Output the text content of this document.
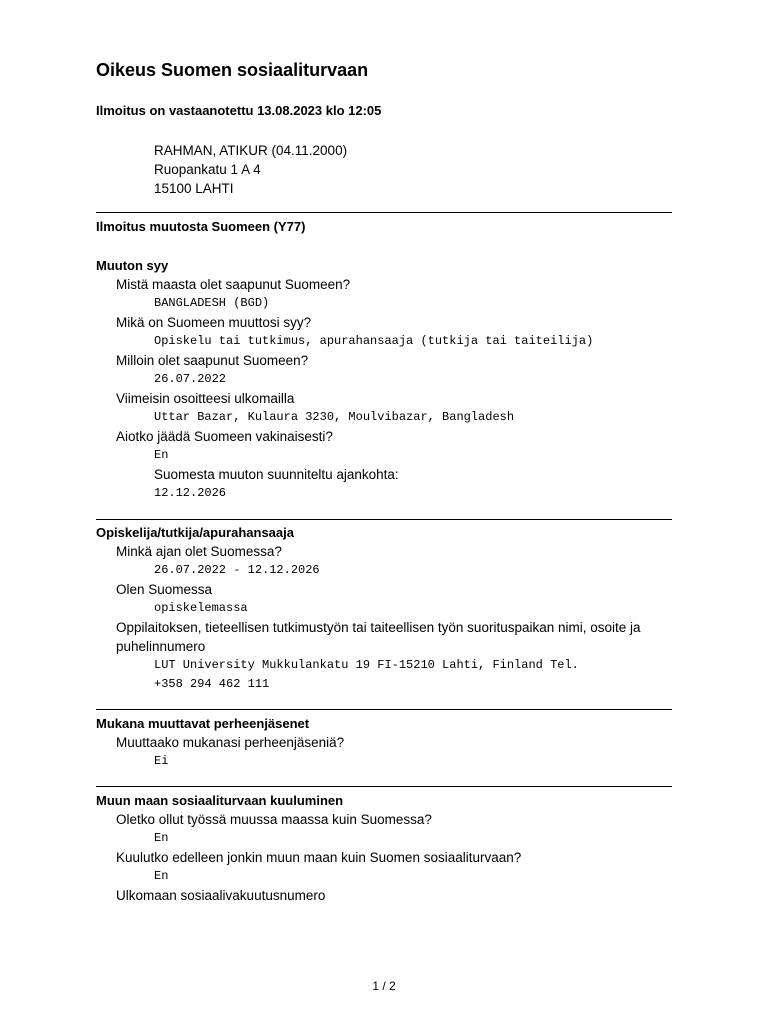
Oikeus Suomen sosiaaliturvaan

Ilmoitus on vastaanotettu 13.08.2023 klo 12:05

RAHMAN, ATIKUR (04.11.2000)
Ruopankatu 1 A 4
15100 LAHTI
Ilmoitus muutosta Suomeen (Y77)
Muuton syy
Mistä maasta olet saapunut Suomeen?
BANGLADESH (BGD)
Mikä on Suomeen muuttosi syy?
Opiskelu tai tutkimus, apurahansaaja (tutkija tai taiteilija)
Milloin olet saapunut Suomeen?
26.07.2022
Viimeisin osoitteesi ulkomailla
Uttar Bazar, Kulaura 3230, Moulvibazar, Bangladesh
Aiotko jäädä Suomeen vakinaisesti?
En
Suomesta muuton suunniteltu ajankohta:
12.12.2026
Opiskelija/tutkija/apurahansaaja
Minkä ajan olet Suomessa?
26.07.2022 - 12.12.2026
Olen Suomessa
opiskelemassa
Oppilaitoksen, tieteellisen tutkimustyön tai taiteellisen työn suorituspaikan nimi, osoite ja puhelinnumero
LUT University Mukkulankatu 19 FI-15210 Lahti, Finland Tel.
+358 294 462 111
Mukana muuttavat perheenjäsenet
Muuttaako mukanasi perheenjäseniä?
Ei
Muun maan sosiaaliturvaan kuuluminen
Oletko ollut työssä muussa maassa kuin Suomessa?
En
Kuulutko edelleen jonkin muun maan kuin Suomen sosiaaliturvaan?
En
Ulkomaan sosiaalivakuutusnumero
1 / 2
